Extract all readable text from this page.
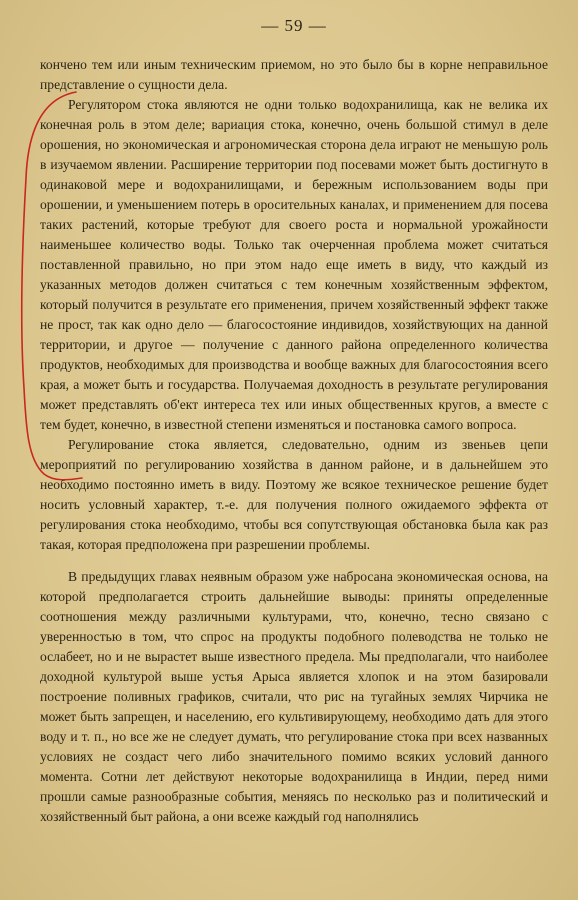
— 59 —

кончено тем или иным техническим приемом, но это было бы в корне неправильное представление о сущности дела.

Регулятором стока являются не одни только водохранилища, как не велика их конечная роль в этом деле; вариация стока, конечно, очень большой стимул в деле орошения, но экономическая и агрономическая сторона дела играют не меньшую роль в изучаемом явлении. Расширение территории под посевами может быть достигнуто в одинаковой мере и водохранилищами, и бережным использованием воды при орошении, и уменьшением потерь в оросительных каналах, и применением для посева таких растений, которые требуют для своего роста и нормальной урожайности наименьшее количество воды. Только так очерченная проблема может считаться поставленной правильно, но при этом надо еще иметь в виду, что каждый из указанных методов должен считаться с тем конечным хозяйственным эффектом, который получится в результате его применения, причем хозяйственный эффект также не прост, так как одно дело — благосостояние индивидов, хозяйствующих на данной территории, и другое — получение с данного района определенного количества продуктов, необходимых для производства и вообще важных для благосостояния всего края, а может быть и государства. Получаемая доходность в результате регулирования может представлять об'ект интереса тех или иных общественных кругов, а вместе с тем будет, конечно, в известной степени изменяться и постановка самого вопроса.

Регулирование стока является, следовательно, одним из звеньев цепи мероприятий по регулированию хозяйства в данном районе, и в дальнейшем это необходимо постоянно иметь в виду. Поэтому же всякое техническое решение будет носить условный характер, т.-е. для получения полного ожидаемого эффекта от регулирования стока необходимо, чтобы вся сопутствующая обстановка была как раз такая, которая предположена при разрешении проблемы.

В предыдущих главах неявным образом уже набросана экономическая основа, на которой предполагается строить дальнейшие выводы: приняты определенные соотношения между различными культурами, что, конечно, тесно связано с уверенностью в том, что спрос на продукты подобного полеводства не только не ослабеет, но и не вырастет выше известного предела. Мы предполагали, что наиболее доходной культурой выше устья Арыса является хлопок и на этом базировали построение поливных графиков, считали, что рис на тугайных землях Чирчика не может быть запрещен, и населению, его культивирующему, необходимо дать для этого воду и т. п., но все же не следует думать, что регулирование стока при всех названных условиях не создаст чего либо значительного помимо всяких условий данного момента. Сотни лет действуют некоторые водохранилища в Индии, перед ними прошли самые разнообразные события, меняясь по несколько раз и политический и хозяйственный быт района, а они всеже каждый год наполнялись
